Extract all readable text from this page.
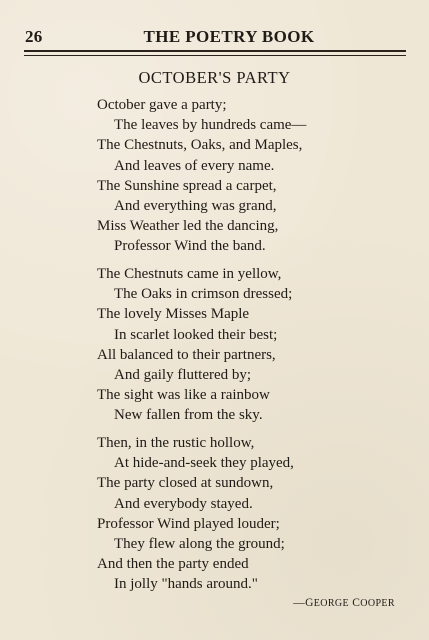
26	THE POETRY BOOK
OCTOBER'S PARTY
October gave a party;
The leaves by hundreds came—
The Chestnuts, Oaks, and Maples,
And leaves of every name.
The Sunshine spread a carpet,
And everything was grand,
Miss Weather led the dancing,
Professor Wind the band.
The Chestnuts came in yellow,
The Oaks in crimson dressed;
The lovely Misses Maple
In scarlet looked their best;
All balanced to their partners,
And gaily fluttered by;
The sight was like a rainbow
New fallen from the sky.
Then, in the rustic hollow,
At hide-and-seek they played,
The party closed at sundown,
And everybody stayed.
Professor Wind played louder;
They flew along the ground;
And then the party ended
In jolly "hands around."
—GEORGE COOPER
